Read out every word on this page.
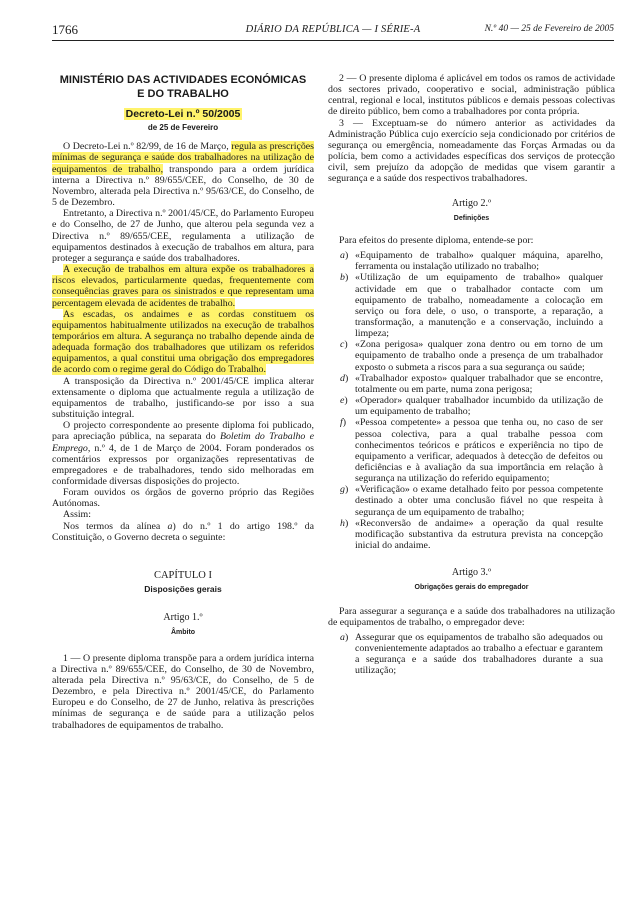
1766	DIÁRIO DA REPÚBLICA — I SÉRIE-A	N.º 40 — 25 de Fevereiro de 2005
MINISTÉRIO DAS ACTIVIDADES ECONÓMICAS
E DO TRABALHO
Decreto-Lei n.º 50/2005
de 25 de Fevereiro

O Decreto-Lei n.º 82/99, de 16 de Março, regula as prescrições mínimas de segurança e saúde dos trabalhadores na utilização de equipamentos de trabalho, transpondo para a ordem jurídica interna a Directiva n.º 89/655/CEE, do Conselho, de 30 de Novembro, alterada pela Directiva n.º 95/63/CE, do Conselho, de 5 de Dezembro.

Entretanto, a Directiva n.º 2001/45/CE, do Parlamento Europeu e do Conselho, de 27 de Junho, que alterou pela segunda vez a Directiva n.º 89/655/CEE, regulamenta a utilização de equipamentos destinados à execução de trabalhos em altura, para proteger a segurança e saúde dos trabalhadores.

A execução de trabalhos em altura expõe os trabalhadores a riscos elevados, particularmente quedas, frequentemente com consequências graves para os sinistrados e que representam uma percentagem elevada de acidentes de trabalho.

As escadas, os andaimes e as cordas constituem os equipamentos habitualmente utilizados na execução de trabalhos temporários em altura. A segurança no trabalho depende ainda de adequada formação dos trabalhadores que utilizam os referidos equipamentos, a qual constitui uma obrigação dos empregadores de acordo com o regime geral do Código do Trabalho.

A transposição da Directiva n.º 2001/45/CE implica alterar extensamente o diploma que actualmente regula a utilização de equipamentos de trabalho, justificando-se por isso a sua substituição integral.

O projecto correspondente ao presente diploma foi publicado, para apreciação pública, na separata do Boletim do Trabalho e Emprego, n.º 4, de 1 de Março de 2004. Foram ponderados os comentários expressos por organizações representativas de empregadores e de trabalhadores, tendo sido melhoradas em conformidade diversas disposições do projecto.

Foram ouvidos os órgãos de governo próprio das Regiões Autónomas.

Assim:

Nos termos da alínea a) do n.º 1 do artigo 198.º da Constituição, o Governo decreta o seguinte:

CAPÍTULO I
Disposições gerais
Artigo 1.º
Âmbito

1 — O presente diploma transpõe para a ordem jurídica interna a Directiva n.º 89/655/CEE, do Conselho, de 30 de Novembro, alterada pela Directiva n.º 95/63/CE, do Conselho, de 5 de Dezembro, e pela Directiva n.º 2001/45/CE, do Parlamento Europeu e do Conselho, de 27 de Junho, relativa às prescrições mínimas de segurança e de saúde para a utilização pelos trabalhadores de equipamentos de trabalho.

2 — O presente diploma é aplicável em todos os ramos de actividade dos sectores privado, cooperativo e social, administração pública central, regional e local, institutos públicos e demais pessoas colectivas de direito público, bem como a trabalhadores por conta própria.

3 — Exceptuam-se do número anterior as actividades da Administração Pública cujo exercício seja condicionado por critérios de segurança ou emergência, nomeadamente das Forças Armadas ou da polícia, bem como a actividades específicas dos serviços de protecção civil, sem prejuízo da adopção de medidas que visem garantir a segurança e a saúde dos respectivos trabalhadores.

Artigo 2.º
Definições

Para efeitos do presente diploma, entende-se por:

a) «Equipamento de trabalho» qualquer máquina, aparelho, ferramenta ou instalação utilizado no trabalho;
b) «Utilização de um equipamento de trabalho» qualquer actividade em que o trabalhador contacte com um equipamento de trabalho, nomeadamente a colocação em serviço ou fora dele, o uso, o transporte, a reparação, a transformação, a manutenção e a conservação, incluindo a limpeza;
c) «Zona perigosa» qualquer zona dentro ou em torno de um equipamento de trabalho onde a presença de um trabalhador exposto o submeta a riscos para a sua segurança ou saúde;
d) «Trabalhador exposto» qualquer trabalhador que se encontre, totalmente ou em parte, numa zona perigosa;
e) «Operador» qualquer trabalhador incumbido da utilização de um equipamento de trabalho;
f) «Pessoa competente» a pessoa que tenha ou, no caso de ser pessoa colectiva, para a qual trabalhe pessoa com conhecimentos teóricos e práticos e experiência no tipo de equipamento a verificar, adequados à detecção de defeitos ou deficiências e à avaliação da sua importância em relação à segurança na utilização do referido equipamento;
g) «Verificação» o exame detalhado feito por pessoa competente destinado a obter uma conclusão fiável no que respeita à segurança de um equipamento de trabalho;
h) «Reconversão de andaime» a operação da qual resulte modificação substantiva da estrutura prevista na concepção inicial do andaime.
Artigo 3.º
Obrigações gerais do empregador

Para assegurar a segurança e a saúde dos trabalhadores na utilização de equipamentos de trabalho, o empregador deve:

a) Assegurar que os equipamentos de trabalho são adequados ou convenientemente adaptados ao trabalho a efectuar e garantem a segurança e a saúde dos trabalhadores durante a sua utilização;
